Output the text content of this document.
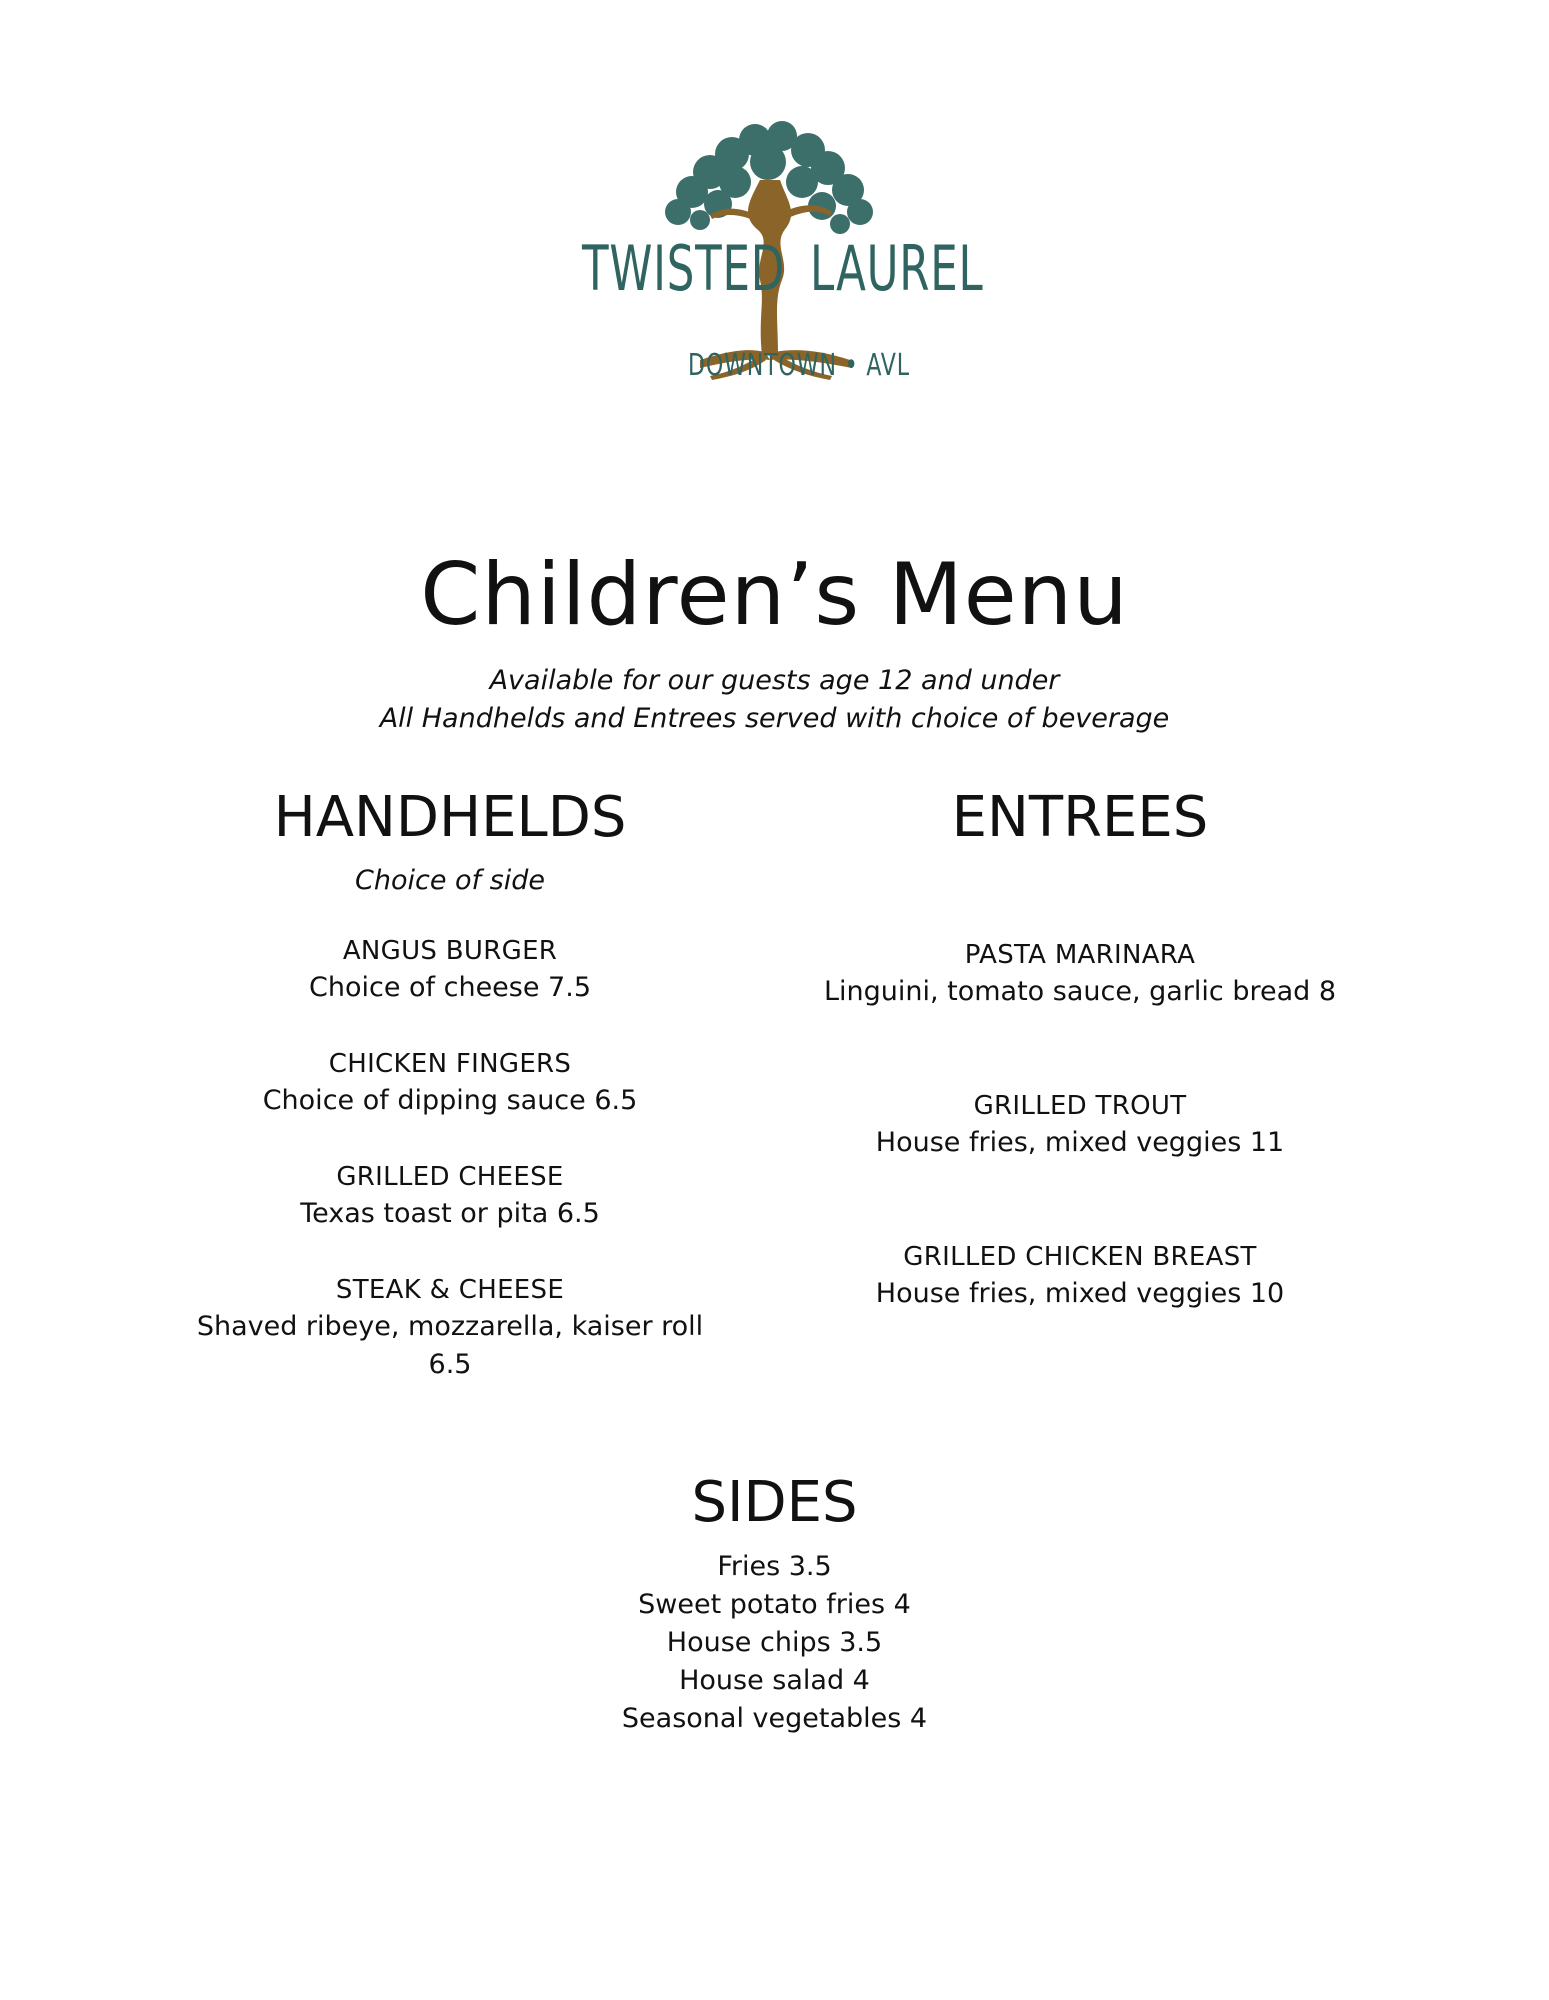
TWISTED LAUREL
DOWNTOWN • AVL
Children’s Menu

Available for our guests age 12 and under

All Handhelds and Entrees served with choice of beverage

HANDHELDS

Choice of side

ANGUS BURGER

Choice of cheese 7.5

CHICKEN FINGERS

Choice of dipping sauce 6.5

GRILLED CHEESE

Texas toast or pita 6.5

STEAK & CHEESE

Shaved ribeye, mozzarella, kaiser roll

6.5

ENTREES

PASTA MARINARA

Linguini, tomato sauce, garlic bread 8

GRILLED TROUT

House fries, mixed veggies 11

GRILLED CHICKEN BREAST

House fries, mixed veggies 10

SIDES
Fries 3.5
Sweet potato fries 4
House chips 3.5
House salad 4
Seasonal vegetables 4
